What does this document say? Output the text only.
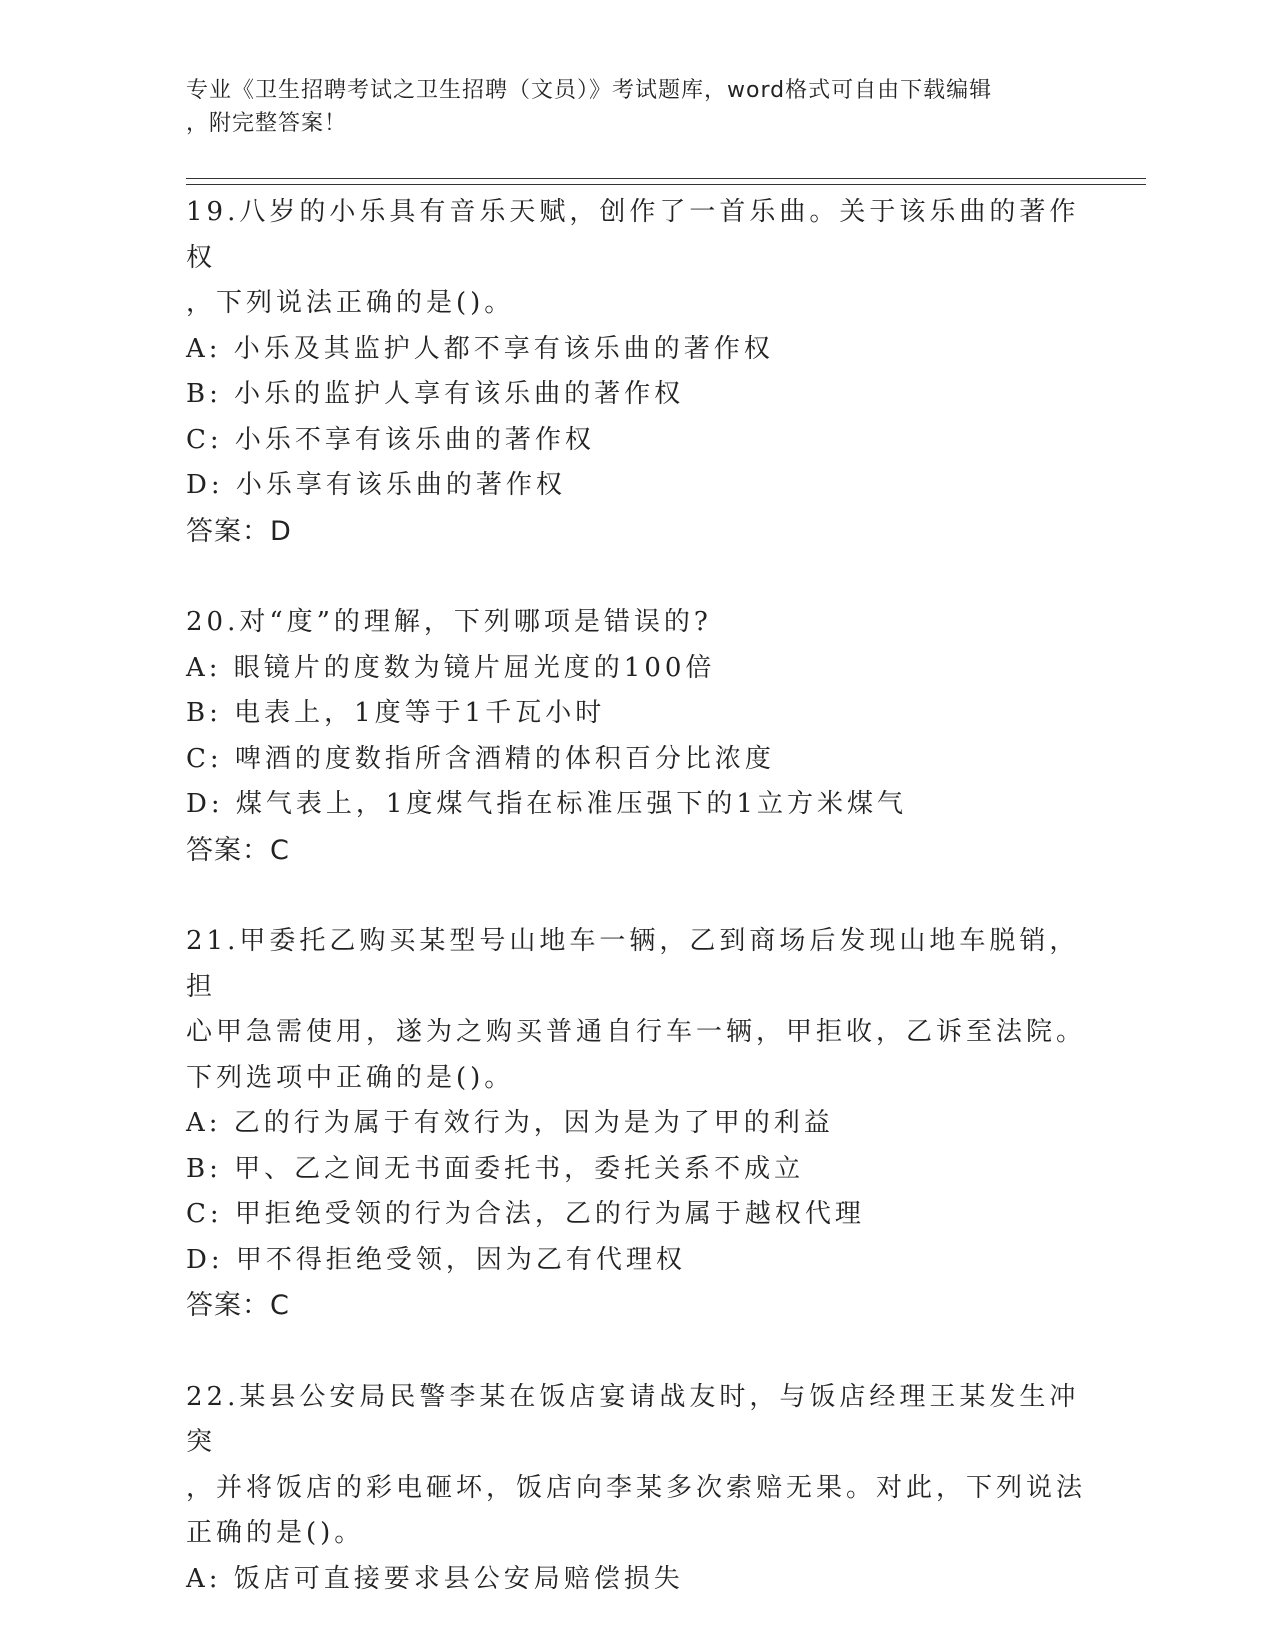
专业《卫生招聘考试之卫生招聘（文员）》考试题库，word格式可自由下载编辑
，附完整答案！

19.八岁的小乐具有音乐天赋，创作了一首乐曲。关于该乐曲的著作权

，下列说法正确的是()。

A: 小乐及其监护人都不享有该乐曲的著作权

B: 小乐的监护人享有该乐曲的著作权

C: 小乐不享有该乐曲的著作权

D: 小乐享有该乐曲的著作权

答案：D

20.对“度”的理解，下列哪项是错误的?

A: 眼镜片的度数为镜片屈光度的100倍

B: 电表上，1度等于1千瓦小时

C: 啤酒的度数指所含酒精的体积百分比浓度

D: 煤气表上，1度煤气指在标准压强下的1立方米煤气

答案：C

21.甲委托乙购买某型号山地车一辆，乙到商场后发现山地车脱销，担

心甲急需使用，遂为之购买普通自行车一辆，甲拒收，乙诉至法院。

下列选项中正确的是()。

A: 乙的行为属于有效行为，因为是为了甲的利益

B: 甲、乙之间无书面委托书，委托关系不成立

C: 甲拒绝受领的行为合法，乙的行为属于越权代理

D: 甲不得拒绝受领，因为乙有代理权

答案：C

22.某县公安局民警李某在饭店宴请战友时，与饭店经理王某发生冲突

，并将饭店的彩电砸坏，饭店向李某多次索赔无果。对此，下列说法

正确的是()。

A: 饭店可直接要求县公安局赔偿损失
